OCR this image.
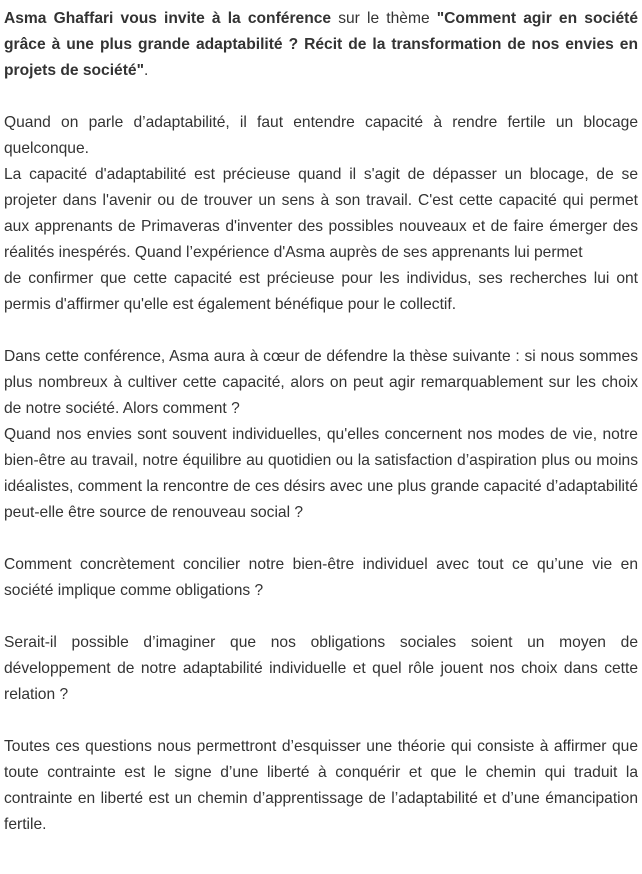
Asma Ghaffari vous invite à la conférence sur le thème "Comment agir en société grâce à une plus grande adaptabilité ? Récit de la transformation de nos envies en projets de société".

Quand on parle d’adaptabilité, il faut entendre capacité à rendre fertile un blocage quelconque.

La capacité d'adaptabilité est précieuse quand il s'agit de dépasser un blocage, de se projeter dans l'avenir ou de trouver un sens à son travail. C'est cette capacité qui permet aux apprenants de Primaveras d'inventer des possibles nouveaux et de faire émerger des réalités inespérés. Quand l’expérience d'Asma auprès de ses apprenants lui permet

de confirmer que cette capacité est précieuse pour les individus, ses recherches lui ont permis d'affirmer qu'elle est également bénéfique pour le collectif.

Dans cette conférence, Asma aura à cœur de défendre la thèse suivante : si nous sommes plus nombreux à cultiver cette capacité, alors on peut agir remarquablement sur les choix de notre société. Alors comment ?

Quand nos envies sont souvent individuelles, qu'elles concernent nos modes de vie, notre bien-être au travail, notre équilibre au quotidien ou la satisfaction d’aspiration plus ou moins idéalistes, comment la rencontre de ces désirs avec une plus grande capacité d’adaptabilité peut-elle être source de renouveau social ?

Comment concrètement concilier notre bien-être individuel avec tout ce qu’une vie en société implique comme obligations ?

Serait-il possible d’imaginer que nos obligations sociales soient un moyen de développement de notre adaptabilité individuelle et quel rôle jouent nos choix dans cette relation ?

Toutes ces questions nous permettront d’esquisser une théorie qui consiste à affirmer que toute contrainte est le signe d’une liberté à conquérir et que le chemin qui traduit la contrainte en liberté est un chemin d’apprentissage de l’adaptabilité et d’une émancipation fertile.
